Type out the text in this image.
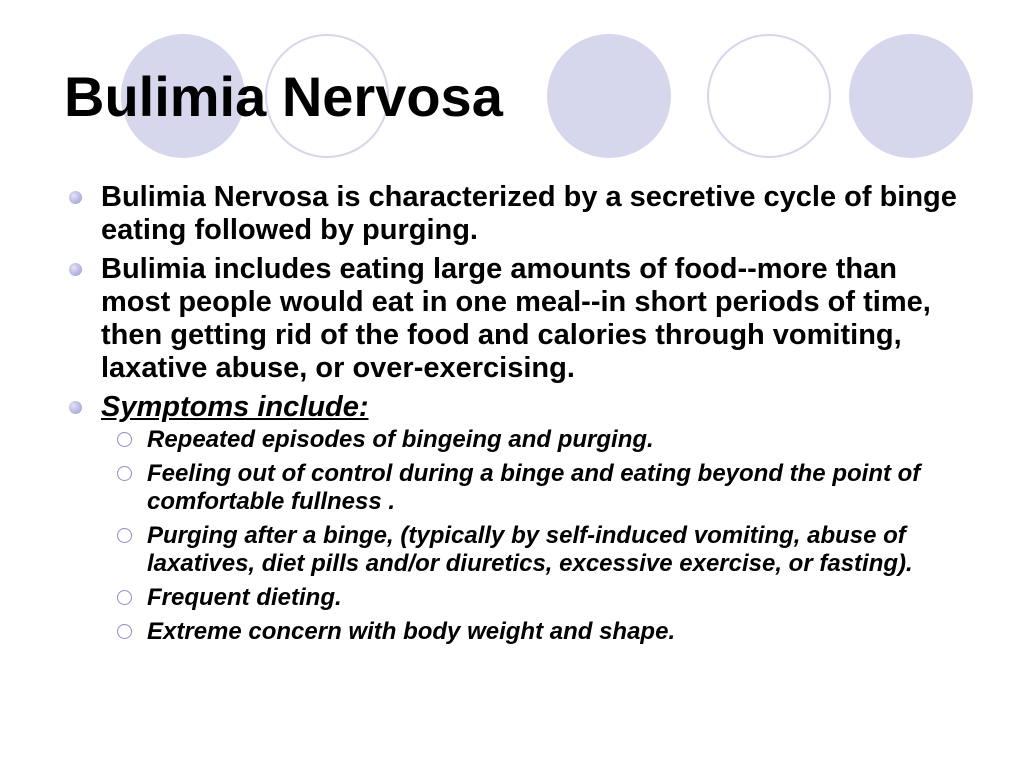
Bulimia Nervosa
Bulimia Nervosa is characterized by a secretive cycle of binge eating followed by purging.
Bulimia includes eating large amounts of food--more than most people would eat in one meal--in short periods of time, then getting rid of the food and calories through vomiting, laxative abuse, or over-exercising.
Symptoms include:
Repeated episodes of bingeing and purging.
Feeling out of control during a binge and eating beyond the point of comfortable fullness .
Purging after a binge, (typically by self-induced vomiting, abuse of laxatives, diet pills and/or diuretics, excessive exercise, or fasting).
Frequent dieting.
Extreme concern with body weight and shape.
